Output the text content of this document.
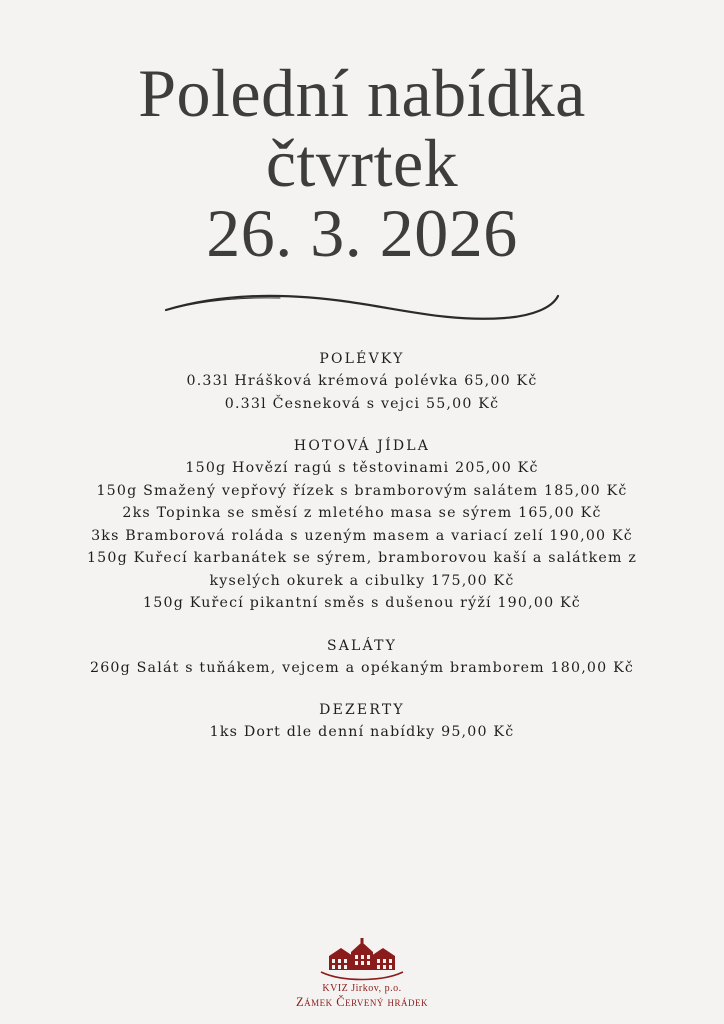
Polední nabídka
čtvrtek
26. 3. 2026
POLÉVKY
0.33l Hrášková krémová polévka 65,00 Kč
0.33l Česneková s vejci 55,00 Kč
HOTOVÁ JÍDLA
150g Hovězí ragú s těstovinami 205,00 Kč
150g Smažený vepřový řízek s bramborovým salátem 185,00 Kč
2ks Topinka se směsí z mletého masa se sýrem 165,00 Kč
3ks Bramborová roláda s uzeným masem a variací zelí 190,00 Kč
150g Kuřecí karbanátek se sýrem, bramborovou kaší a salátkem z
kyselých okurek a cibulky 175,00 Kč
150g Kuřecí pikantní směs s dušenou rýží 190,00 Kč
SALÁTY
260g Salát s tuňákem, vejcem a opékaným bramborem 180,00 Kč
DEZERTY
1ks Dort dle denní nabídky 95,00 Kč
KVIZ Jirkov, p.o.
Zámek Červený hrádek
